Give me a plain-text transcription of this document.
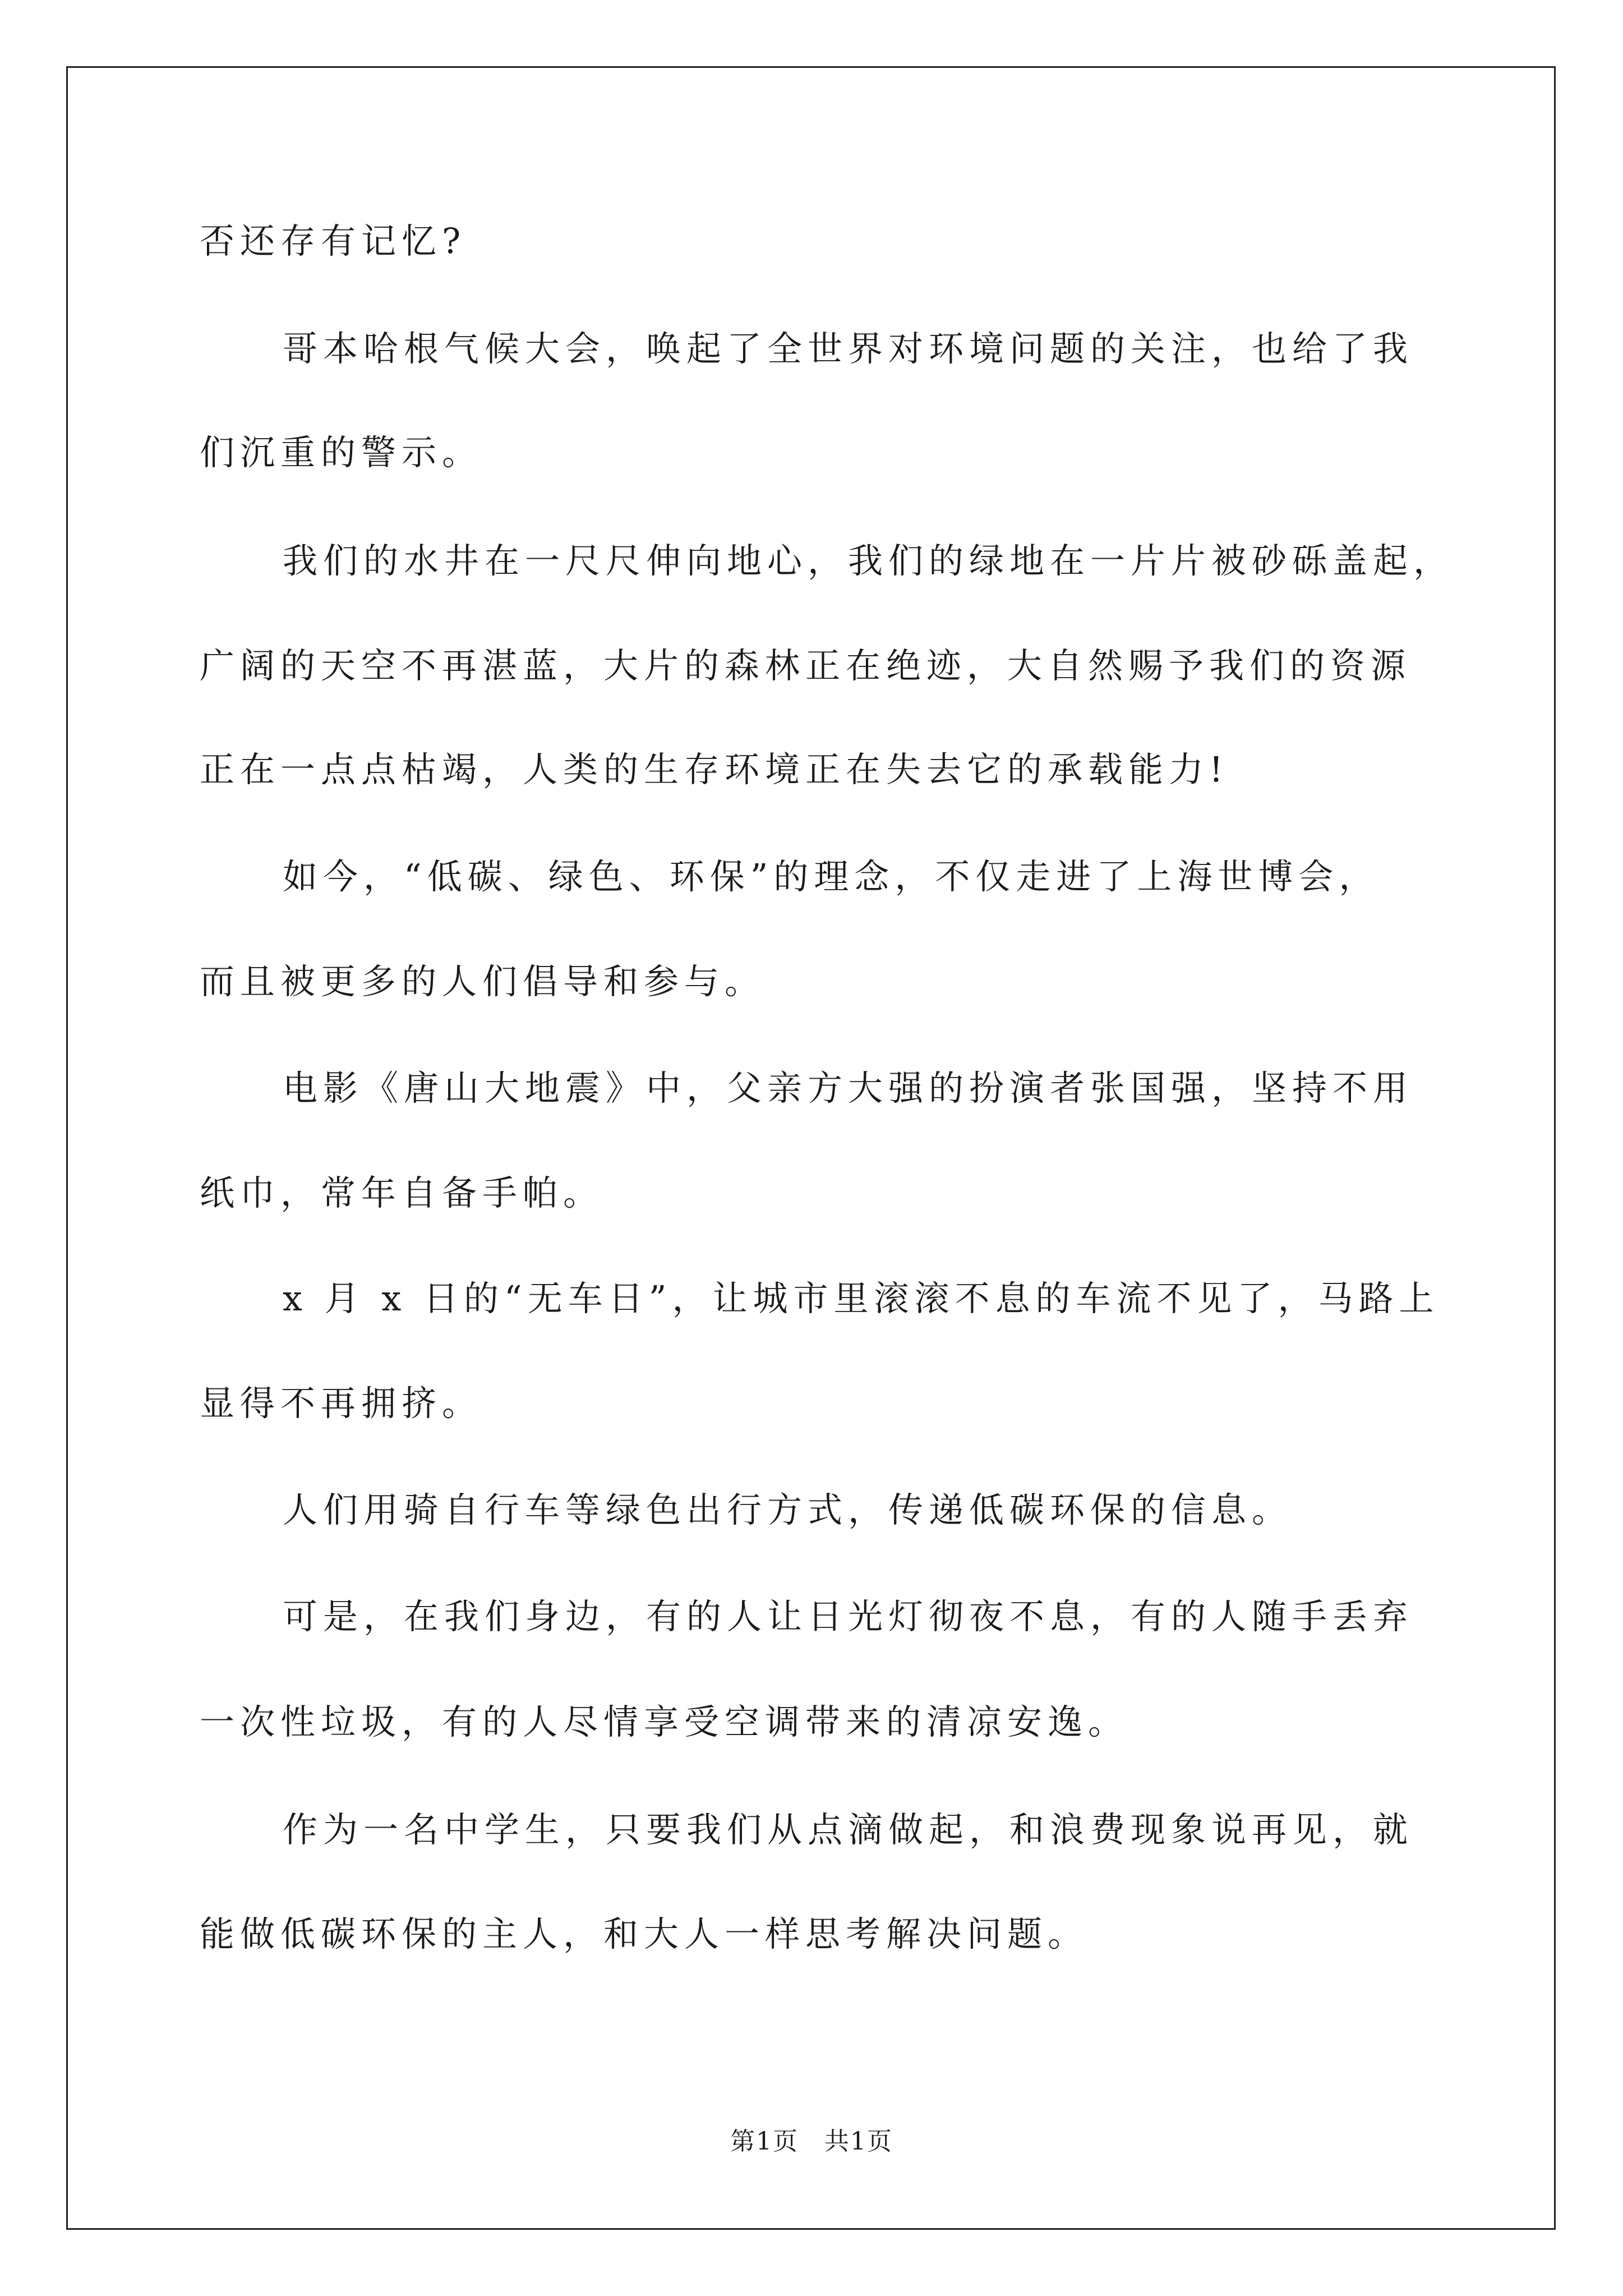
否还存有记忆?
哥本哈根气候大会，唤起了全世界对环境问题的关注，也给了我
们沉重的警示。
我们的水井在一尺尺伸向地心，我们的绿地在一片片被砂砾盖起，
广阔的天空不再湛蓝，大片的森林正在绝迹，大自然赐予我们的资源
正在一点点枯竭，人类的生存环境正在失去它的承载能力!
如今，“低碳、绿色、环保”的理念，不仅走进了上海世博会，
而且被更多的人们倡导和参与。
电影《唐山大地震》中，父亲方大强的扮演者张国强，坚持不用
纸巾，常年自备手帕。
x 月 x 日的“无车日”，让城市里滚滚不息的车流不见了，马路上
显得不再拥挤。
人们用骑自行车等绿色出行方式，传递低碳环保的信息。
可是，在我们身边，有的人让日光灯彻夜不息，有的人随手丢弃
一次性垃圾，有的人尽情享受空调带来的清凉安逸。
作为一名中学生，只要我们从点滴做起，和浪费现象说再见，就
能做低碳环保的主人，和大人一样思考解决问题。
第1页　共1页
